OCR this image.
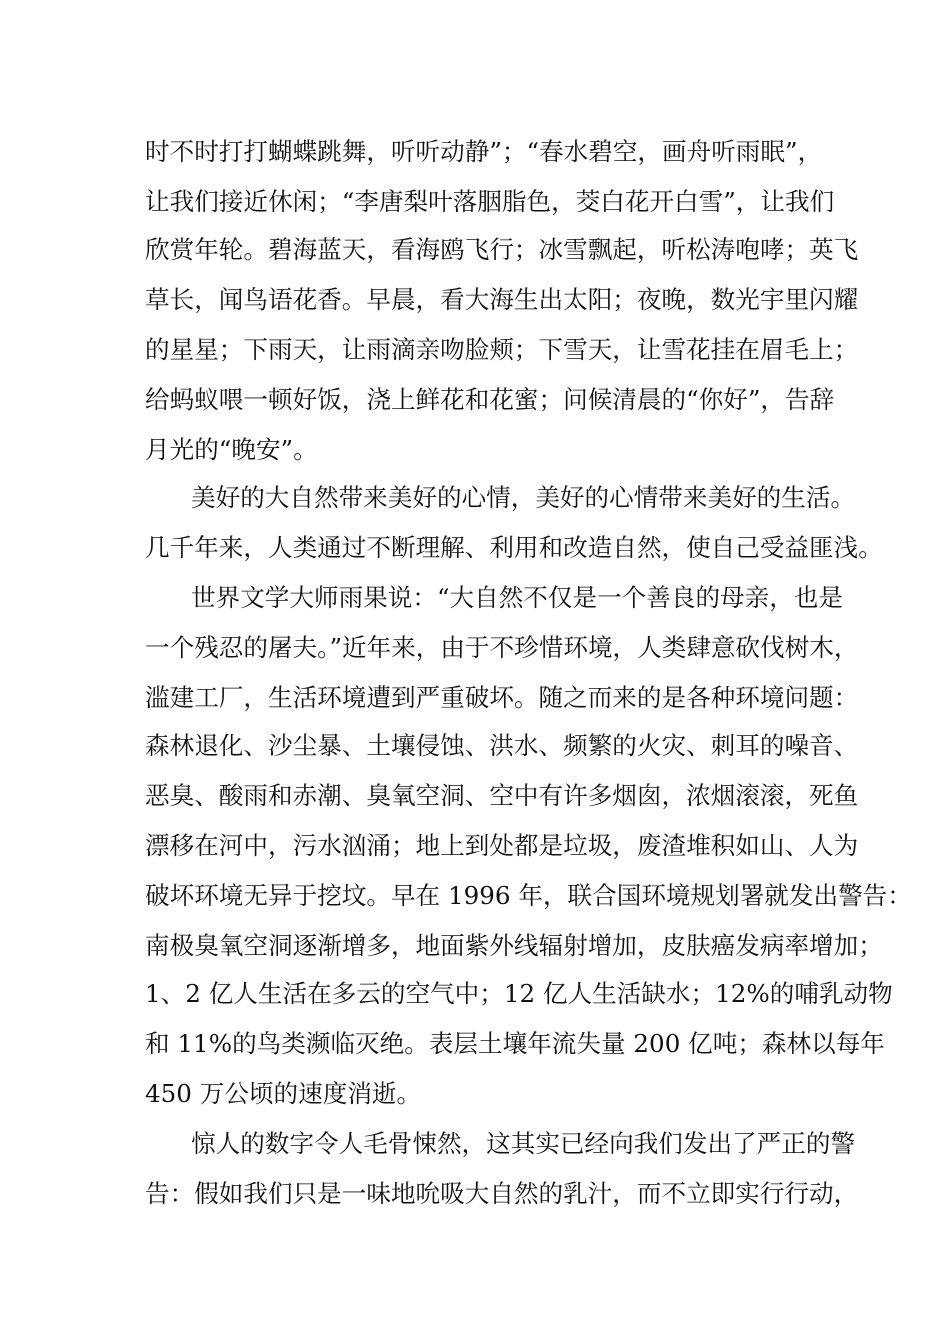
时不时打打蝴蝶跳舞，听听动静”；“春水碧空，画舟听雨眠”，
让我们接近休闲；“李唐梨叶落胭脂色，茭白花开白雪”，让我们
欣赏年轮。碧海蓝天，看海鸥飞行；冰雪飘起，听松涛咆哮；英飞
草长，闻鸟语花香。早晨，看大海生出太阳；夜晚，数光宇里闪耀
的星星；下雨天，让雨滴亲吻脸颊；下雪天，让雪花挂在眉毛上；
给蚂蚁喂一顿好饭，浇上鲜花和花蜜；问候清晨的“你好”，告辞
月光的“晚安”。
美好的大自然带来美好的心情，美好的心情带来美好的生活。
几千年来，人类通过不断理解、利用和改造自然，使自己受益匪浅。
世界文学大师雨果说：“大自然不仅是一个善良的母亲，也是
一个残忍的屠夫。”近年来，由于不珍惜环境，人类肆意砍伐树木，
滥建工厂，生活环境遭到严重破坏。随之而来的是各种环境问题：
森林退化、沙尘暴、土壤侵蚀、洪水、频繁的火灾、刺耳的噪音、
恶臭、酸雨和赤潮、臭氧空洞、空中有许多烟囱，浓烟滚滚，死鱼
漂移在河中，污水汹涌；地上到处都是垃圾，废渣堆积如山、人为
破坏环境无异于挖坟。早在 1996 年，联合国环境规划署就发出警告：
南极臭氧空洞逐渐增多，地面紫外线辐射增加，皮肤癌发病率增加；
1、2 亿人生活在多云的空气中；12 亿人生活缺水；12%的哺乳动物
和 11%的鸟类濒临灭绝。表层土壤年流失量 200 亿吨；森林以每年
450 万公顷的速度消逝。
惊人的数字令人毛骨悚然，这其实已经向我们发出了严正的警
告：假如我们只是一味地吮吸大自然的乳汁，而不立即实行行动，
